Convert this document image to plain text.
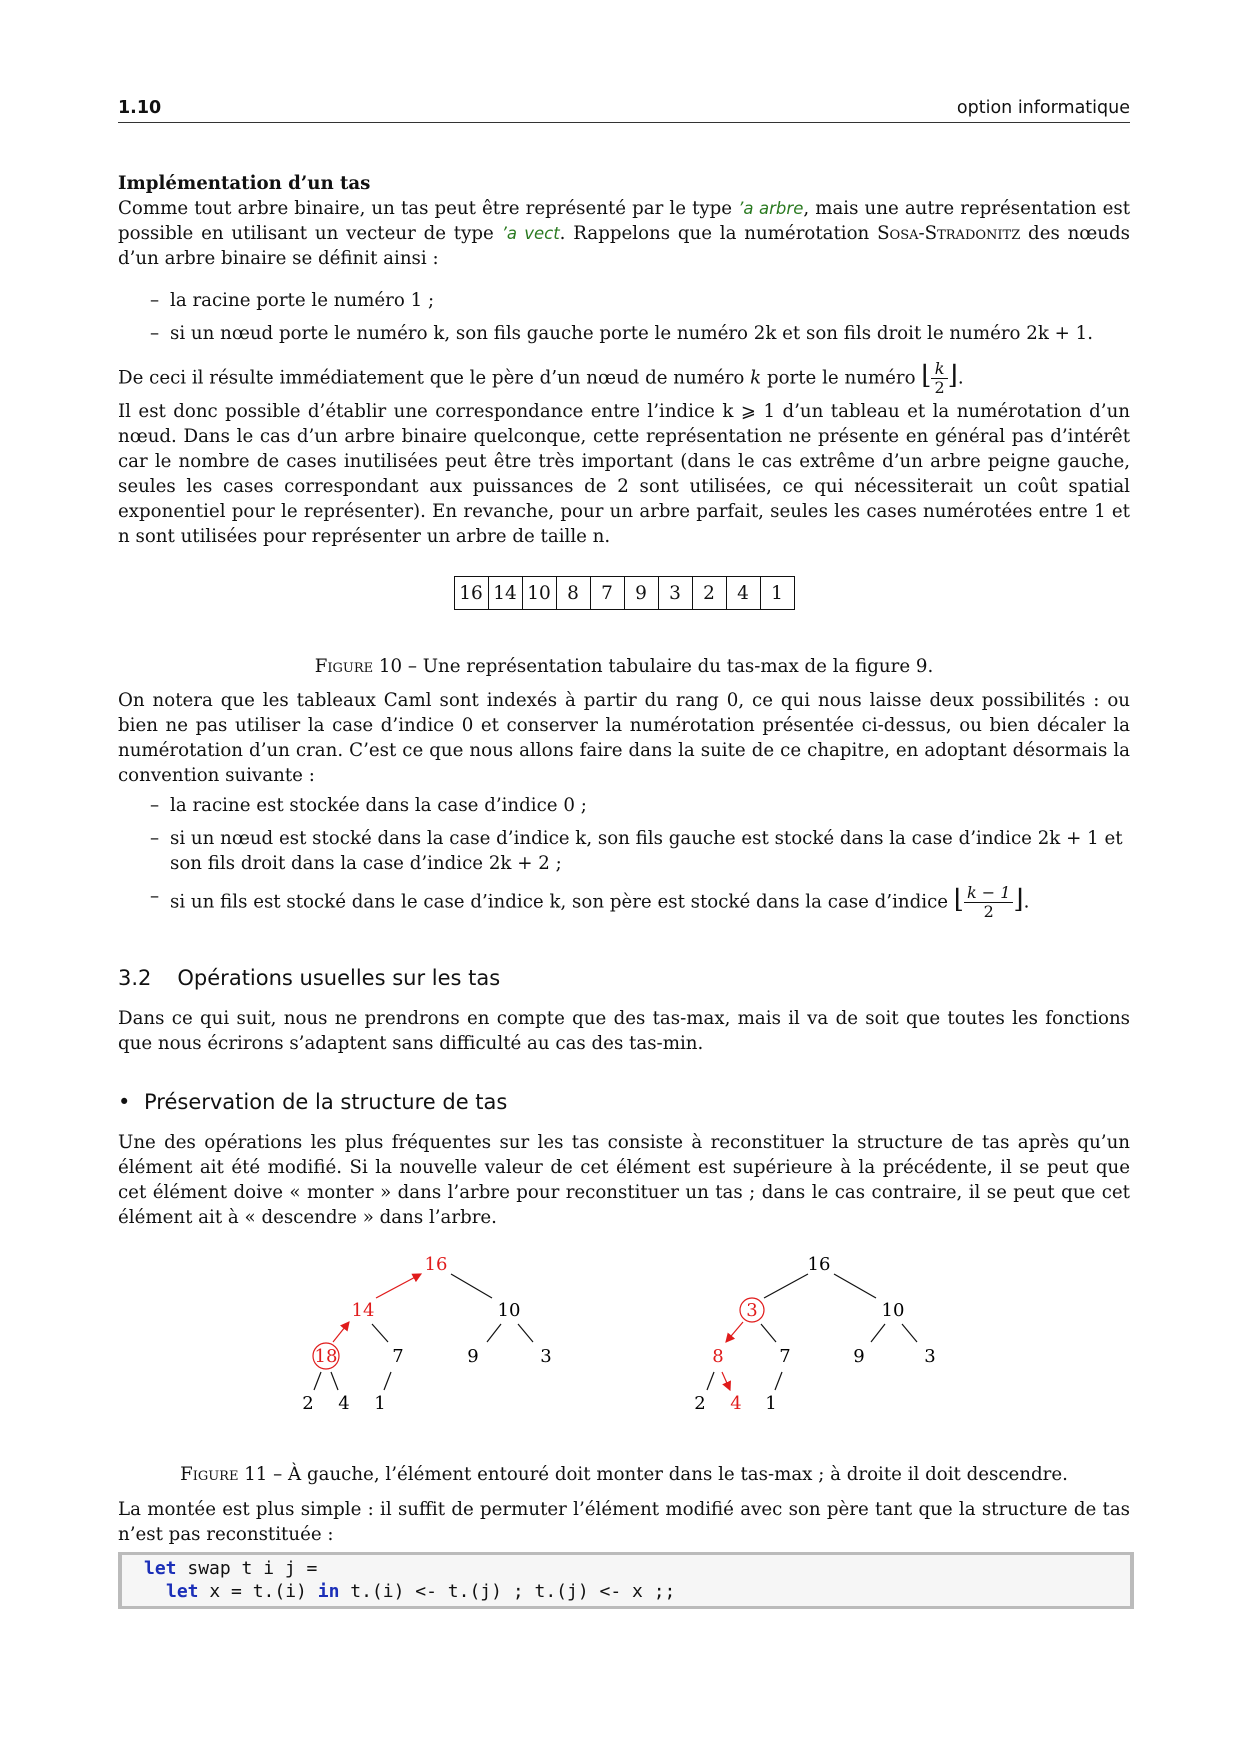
1.10	option informatique

Implémentation d’un tas

Comme tout arbre binaire, un tas peut être représenté par le type ’a arbre, mais une autre représentation est possible en utilisant un vecteur de type ’a vect. Rappelons que la numérotation Sosa-Stradonitz des nœuds d’un arbre binaire se définit ainsi :

– la racine porte le numéro 1 ;
– si un nœud porte le numéro k, son fils gauche porte le numéro 2k et son fils droit le numéro 2k + 1.

De ceci il résulte immédiatement que le père d’un nœud de numéro k porte le numéro ⌊ $\frac{k}{2}$ ⌋.

Il est donc possible d’établir une correspondance entre l’indice k ⩾ 1 d’un tableau et la numérotation d’un nœud. Dans le cas d’un arbre binaire quelconque, cette représentation ne présente en général pas d’intérêt car le nombre de cases inutilisées peut être très important (dans le cas extrême d’un arbre peigne gauche, seules les cases correspondant aux puissances de 2 sont utilisées, ce qui nécessiterait un coût spatial exponentiel pour le représenter). En revanche, pour un arbre parfait, seules les cases numérotées entre 1 et n sont utilisées pour représenter un arbre de taille n.

16	14	10	8	7	9	3	2	4	1

Figure 10 – Une représentation tabulaire du tas-max de la figure 9.

On notera que les tableaux Caml sont indexés à partir du rang 0, ce qui nous laisse deux possibilités : ou bien ne pas utiliser la case d’indice 0 et conserver la numérotation présentée ci-dessus, ou bien décaler la numérotation d’un cran. C’est ce que nous allons faire dans la suite de ce chapitre, en adoptant désormais la convention suivante :

– la racine est stockée dans la case d’indice 0 ;
– si un nœud est stocké dans la case d’indice k, son fils gauche est stocké dans la case d’indice 2k + 1 et son fils droit dans la case d’indice 2k + 2 ;
– si un fils est stocké dans le case d’indice k, son père est stocké dans la case d’indice ⌊ $\frac{k - 1}{2}$ ⌋.
3.2 Opérations usuelles sur les tas

Dans ce qui suit, nous ne prendrons en compte que des tas-max, mais il va de soit que toutes les fonctions que nous écrirons s’adaptent sans difficulté au cas des tas-min.

• Préservation de la structure de tas

Une des opérations les plus fréquentes sur les tas consiste à reconstituer la structure de tas après qu’un élément ait été modifié. Si la nouvelle valeur de cet élément est supérieure à la précédente, il se peut que cet élément doive « monter » dans l’arbre pour reconstituer un tas ; dans le cas contraire, il se peut que cet élément ait à « descendre » dans l’arbre.

16
14	10
18	7	9	3
2 4 1
16
3	10
8	7	9	3
2 4 1

Figure 11 – À gauche, l’élément entouré doit monter dans le tas-max ; à droite il doit descendre.

La montée est plus simple : il suffit de permuter l’élément modifié avec son père tant que la structure de tas n’est pas reconstituée :

let swap t i j =
let x = t.(i) in t.(i) <- t.(j) ; t.(j) <- x ;;
